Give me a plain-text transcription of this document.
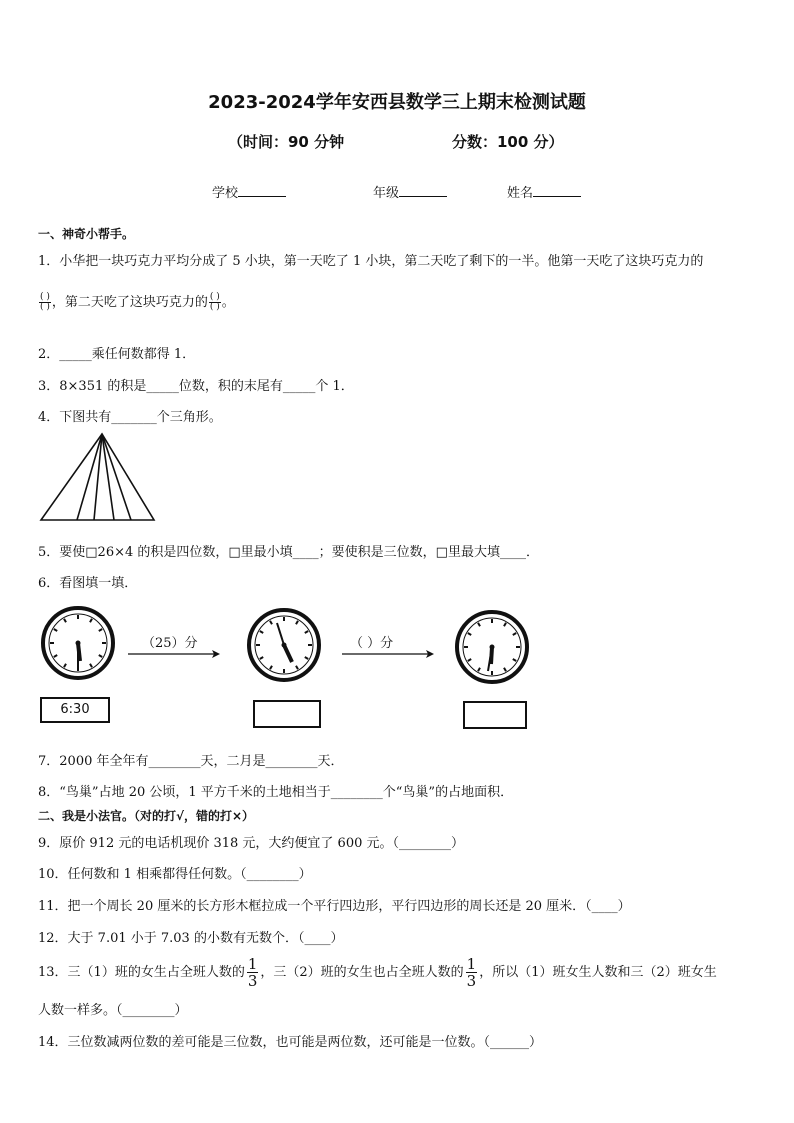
2023-2024学年安西县数学三上期末检测试题
（时间：90 分钟	分数：100 分）
学校	年级	姓名
一、神奇小帮手。
1．小华把一块巧克力平均分成了 5 小块，第一天吃了 1 小块，第二天吃了剩下的一半。他第一天吃了这块巧克力的
$\frac{( )}{( )}$ ，第二天吃了这块巧克力的 $\frac{( )}{( )}$ 。
2．_____乘任何数都得 1．
3．8×351 的积是_____位数，积的末尾有_____个 1．
4．下图共有_______个三角形。
5．要使□26×4 的积是四位数，□里最小填____；要使积是三位数，□里最大填____．
6．看图填一填．
6:30
（25）分	（ ）分
7．2000 年全年有________天，二月是________天．
8．“鸟巢”占地 20 公顷，1 平方千米的土地相当于________个“鸟巢”的占地面积．
二、我是小法官。（对的打√，错的打×）
9．原价 912 元的电话机现价 318 元，大约便宜了 600 元。（________）
10．任何数和 1 相乘都得任何数。（________）
11．把一个周长 20 厘米的长方形木框拉成一个平行四边形，平行四边形的周长还是 20 厘米．（____）
12．大于 7.01 小于 7.03 的小数有无数个．（____）
13．三（1）班的女生占全班人数的 $\frac{1}{3}$ ，三（2）班的女生也占全班人数的 $\frac{1}{3}$ ，所以（1）班女生人数和三（2）班女生
人数一样多。（________）
14．三位数减两位数的差可能是三位数，也可能是两位数，还可能是一位数。（______）
